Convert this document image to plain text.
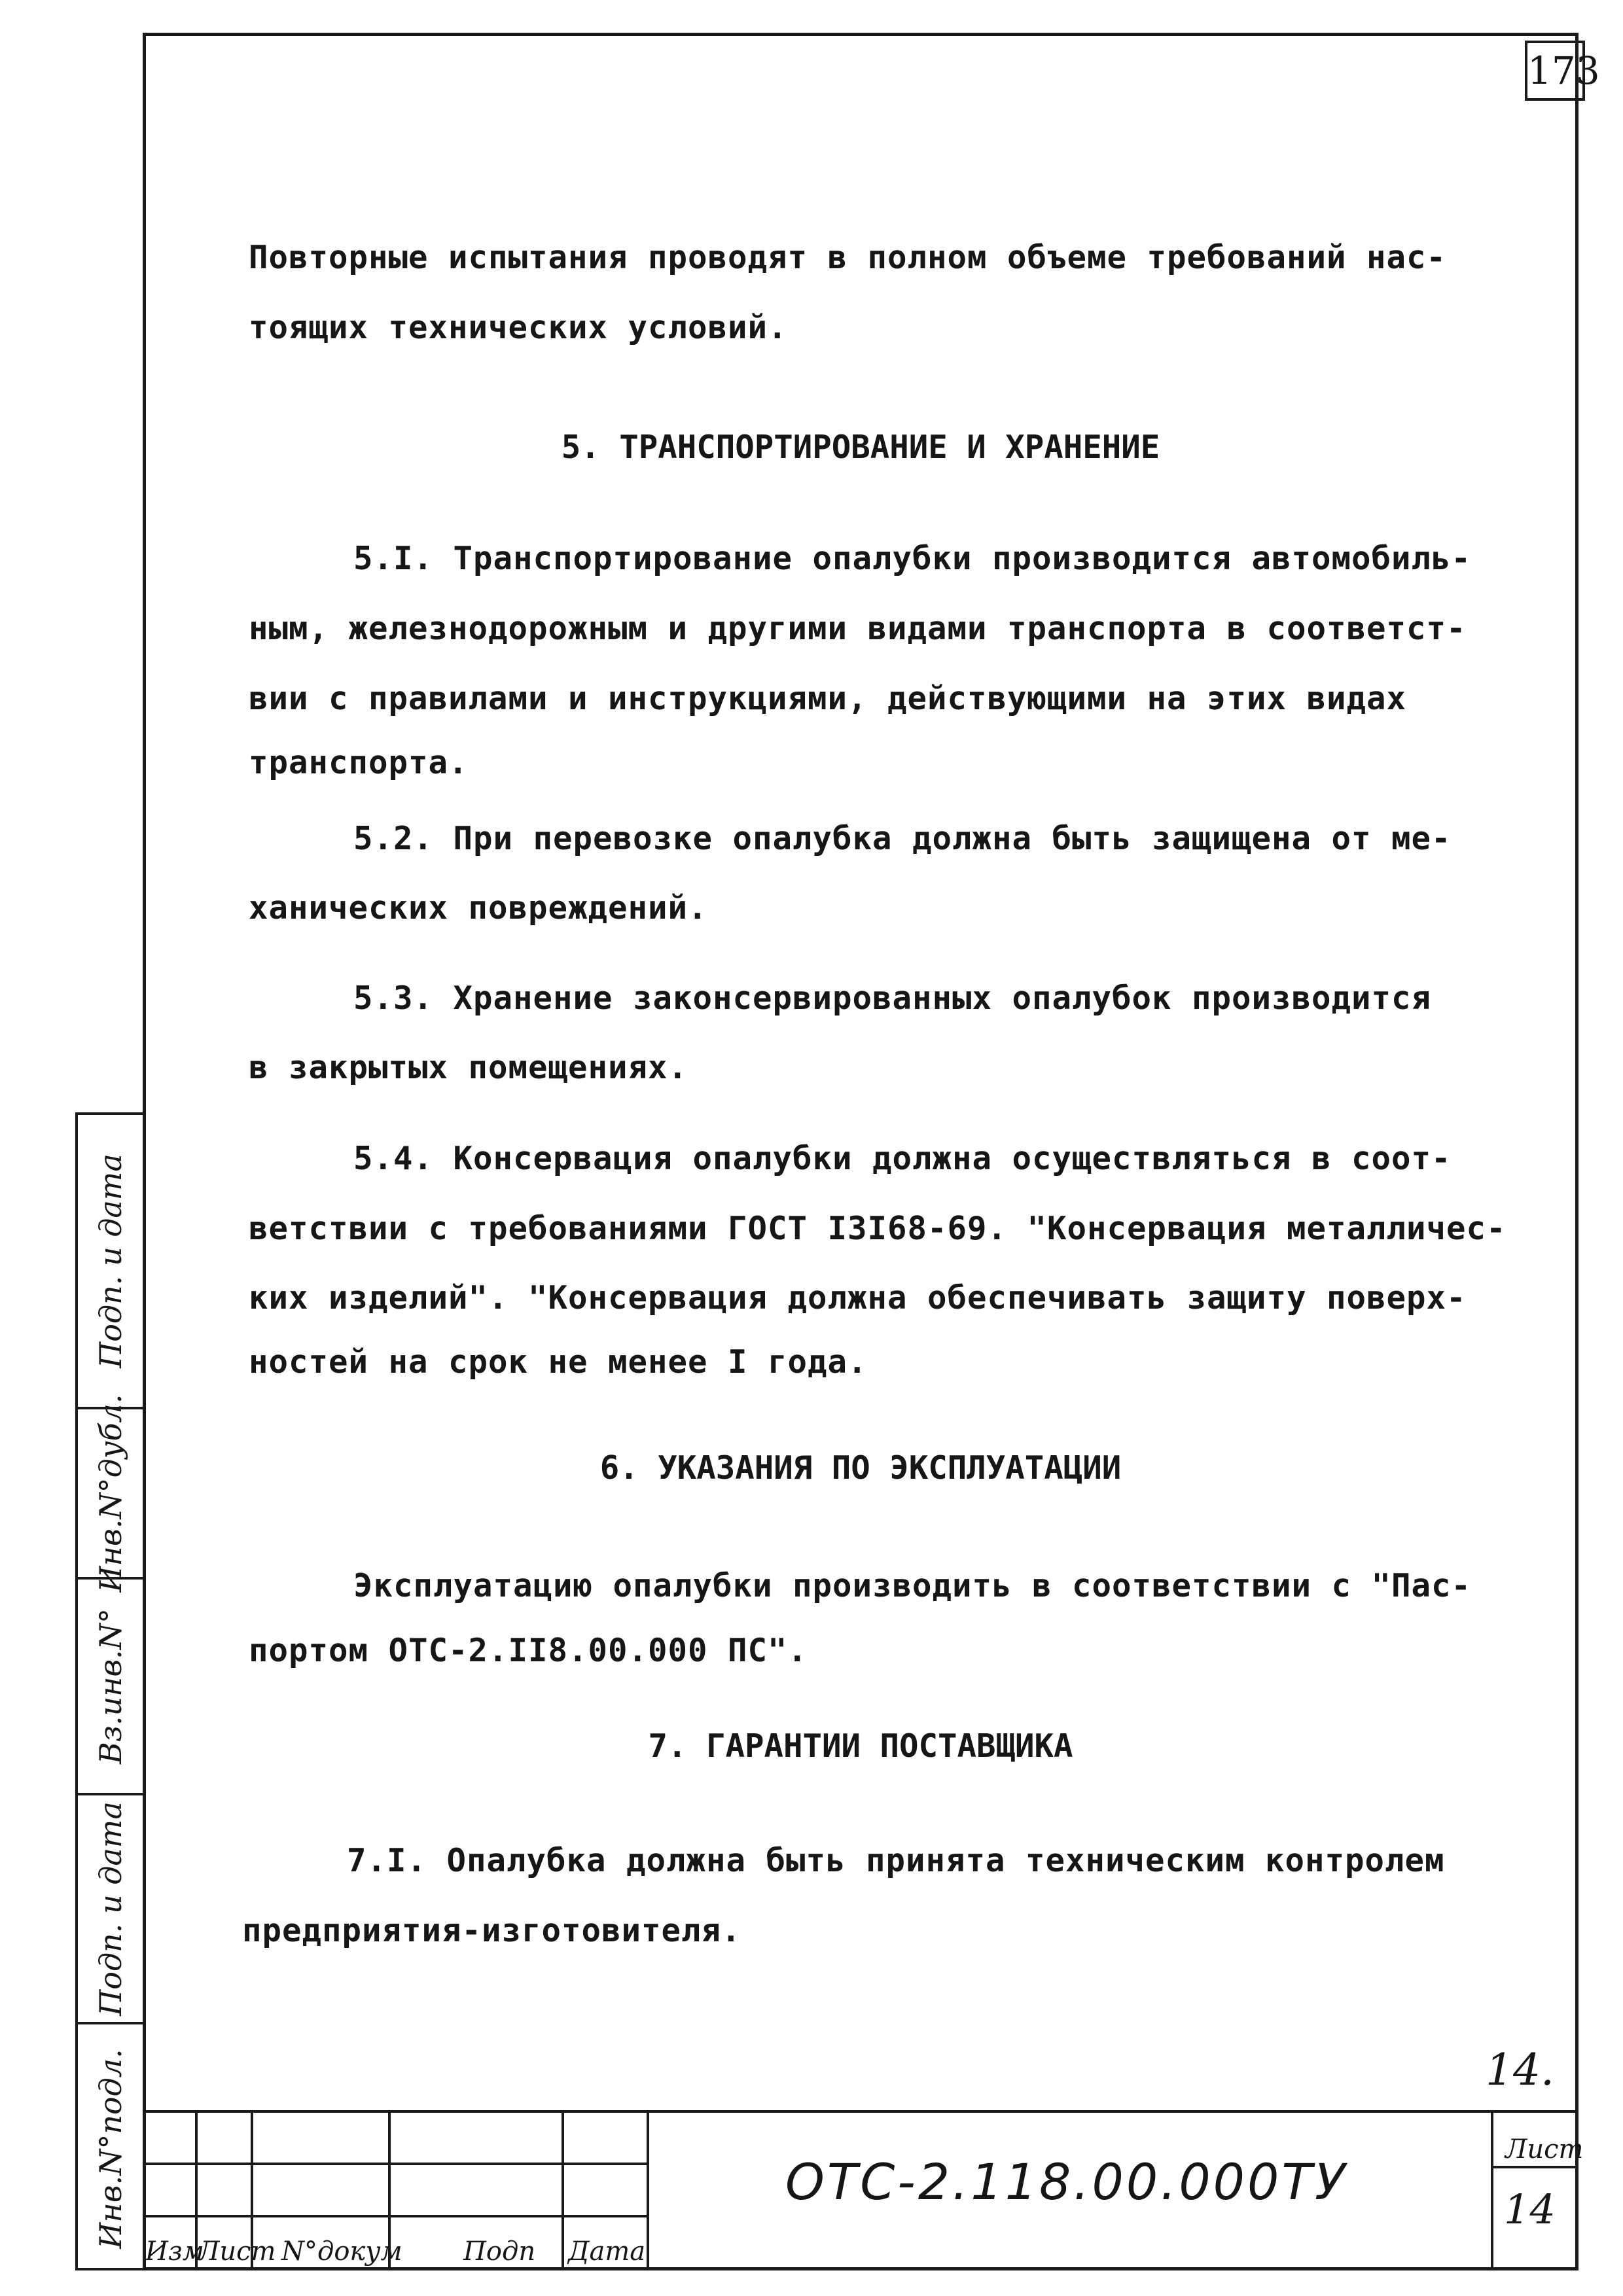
173
Повторные испытания проводят в полном объеме требований нас-
тоящих технических условий.
5. ТРАНСПОРТИРОВАНИЕ И ХРАНЕНИЕ
5.I. Транспортирование опалубки производится автомобиль-
ным, железнодорожным и другими видами транспорта в соответст-
вии с правилами и инструкциями, действующими на этих видах
транспорта.
5.2. При перевозке опалубка должна быть защищена от ме-
ханических повреждений.
5.3. Хранение законсервированных опалубок производится
в закрытых помещениях.
5.4. Консервация опалубки должна осуществляться в соот-
ветствии с требованиями ГОСТ I3I68-69. "Консервация металличес-
ких изделий". "Консервация должна обеспечивать защиту поверх-
ностей на срок не менее I года.
6. УКАЗАНИЯ ПО ЭКСПЛУАТАЦИИ
Эксплуатацию опалубки производить в соответствии с "Пас-
портом ОТС-2.II8.00.000 ПС".
7. ГАРАНТИИ ПОСТАВЩИКА
7.I. Опалубка должна быть принята техническим контролем
предприятия-изготовителя.
Инв.N°подл.
Подп. и дата
Вз.инв.N°
Инв.N°дубл.
Подп. и дата
Изм
Лист N°докум Подп Дата
ОТС-2.118.00.000ТУ
14.
Лист
14
